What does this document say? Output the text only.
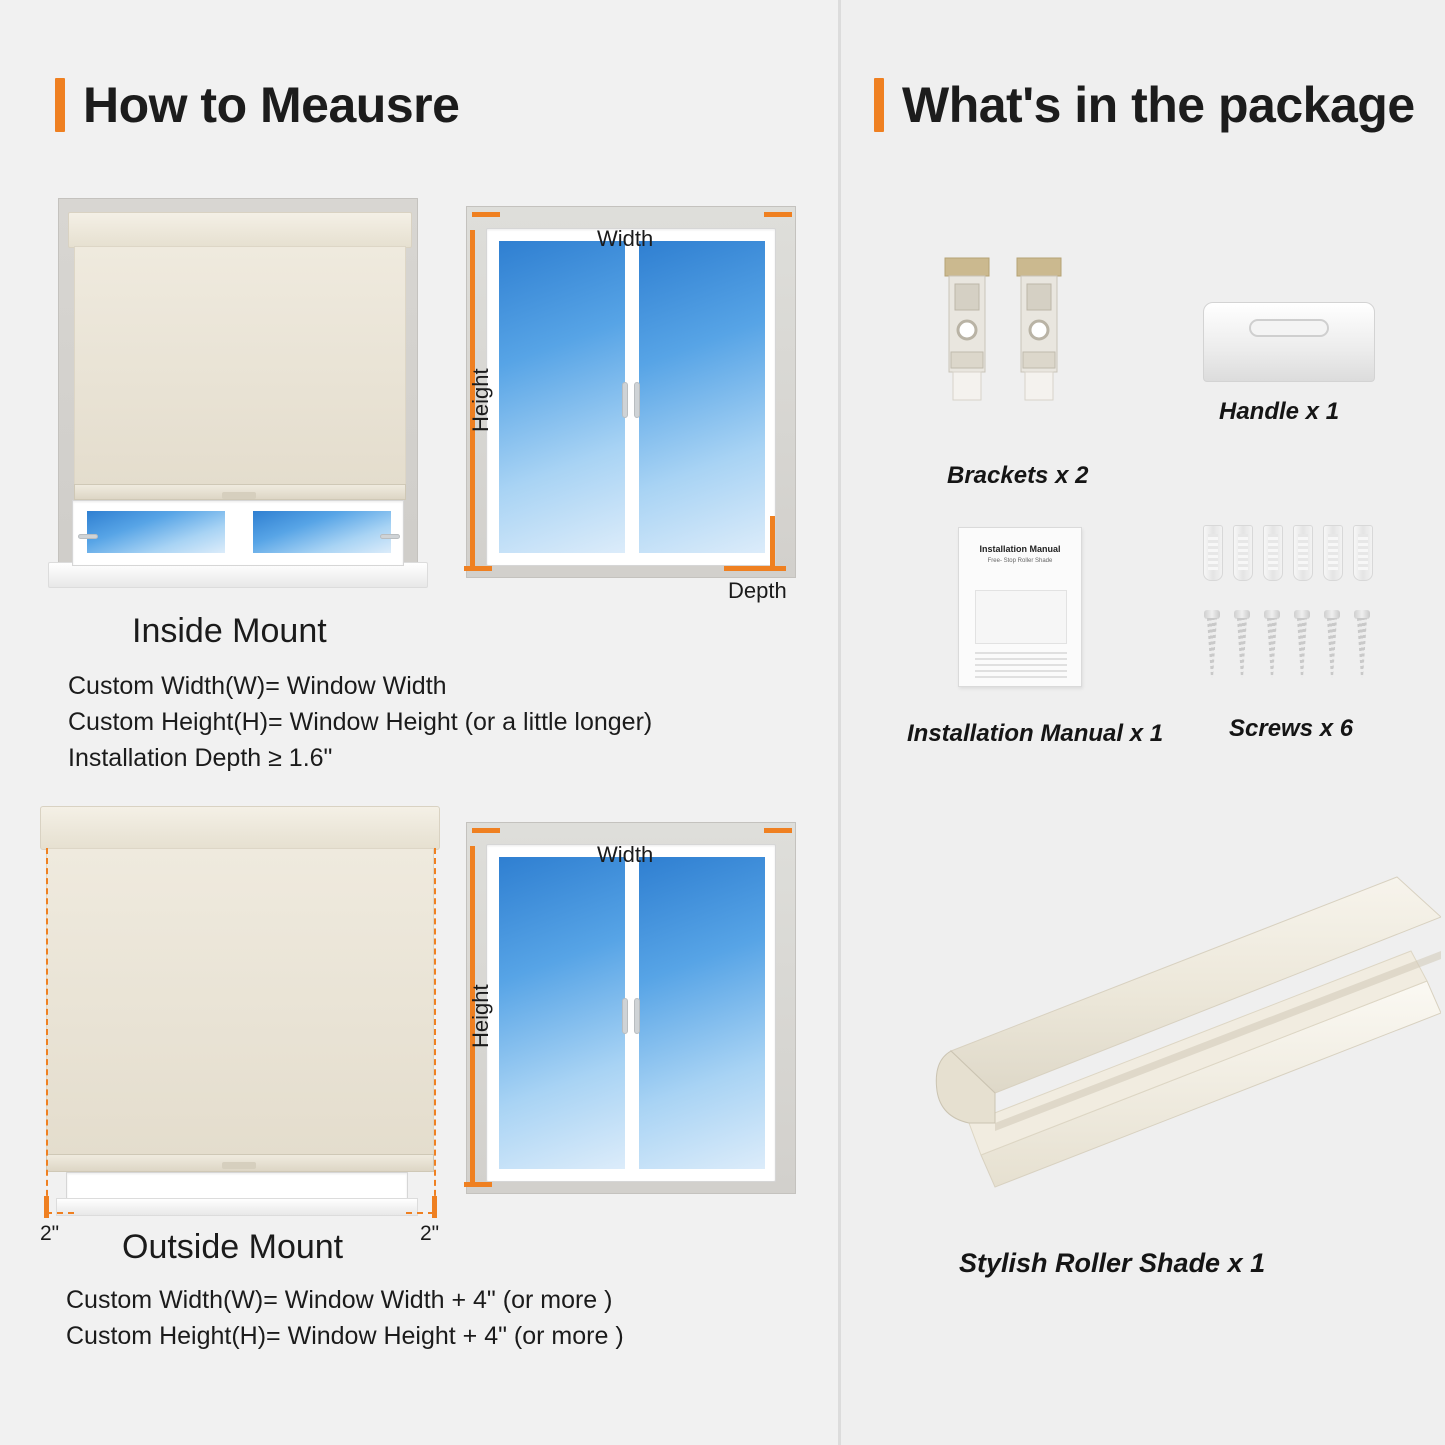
How to Meausre
Width
Height
Depth
Inside Mount
Custom Width(W)= Window Width
Custom Height(H)= Window Height (or a little longer)
Installation Depth ≥ 1.6"
2"	2"
Width
Height
Outside Mount
Custom Width(W)= Window Width + 4" (or more )
Custom Height(H)= Window Height + 4" (or more )
What's in the package
Brackets x 2
Handle x 1
Installation Manual
Free- Stop Roller Shade
Installation Manual x 1	Screws x 6
Stylish Roller Shade x 1
